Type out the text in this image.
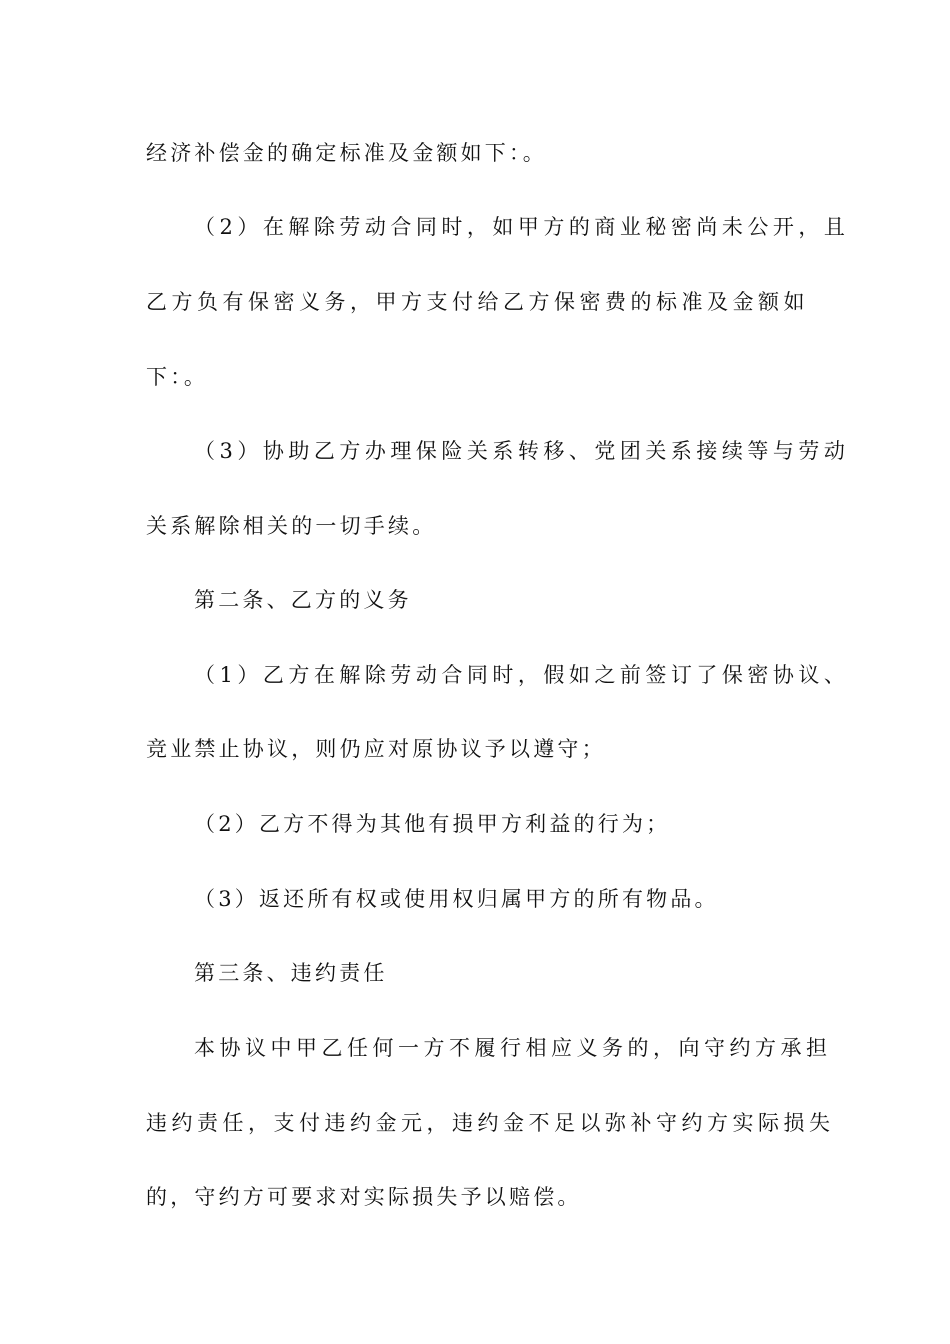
经济补偿金的确定标准及金额如下：。
（2）在解除劳动合同时，如甲方的商业秘密尚未公开，且
乙方负有保密义务，甲方支付给乙方保密费的标准及金额如
下：。
（3）协助乙方办理保险关系转移、党团关系接续等与劳动
关系解除相关的一切手续。
第二条、乙方的义务
（1）乙方在解除劳动合同时，假如之前签订了保密协议、
竞业禁止协议，则仍应对原协议予以遵守；
（2）乙方不得为其他有损甲方利益的行为；
（3）返还所有权或使用权归属甲方的所有物品。
第三条、违约责任
本协议中甲乙任何一方不履行相应义务的，向守约方承担
违约责任，支付违约金元，违约金不足以弥补守约方实际损失
的，守约方可要求对实际损失予以赔偿。
